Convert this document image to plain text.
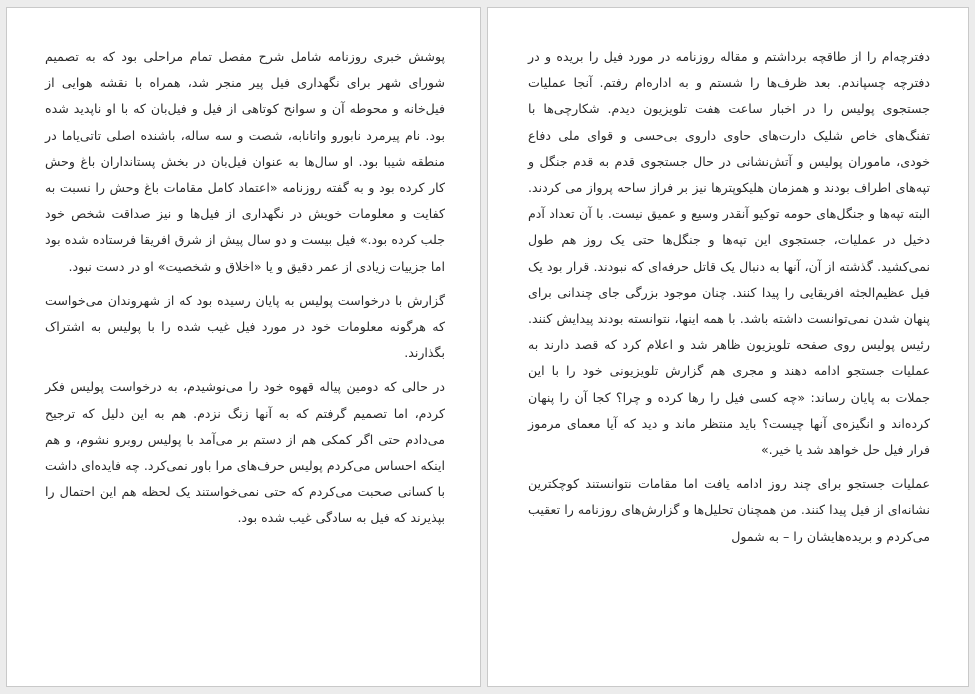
پوشش خبری روزنامه شامل شرح مفصل تمام مراحلی بود که به تصمیم شورای شهر برای نگهداری فیل پیر منجر شد، همراه با نقشه هوایی از فیل‌خانه و محوطه آن و سوانح کوتاهی از فیل و فیل‌بان که با او ناپدید شده بود. نام پیرمرد نابورو واتانابه، شصت و سه ساله، باشنده اصلی تاتی‌یاما در منطقه شیبا بود. او سال‌ها به عنوان فیل‌بان در بخش پستانداران باغ وحش کار کرده بود و به گفته روزنامه «اعتماد کامل مقامات باغ وحش را نسبت به کفایت و معلومات خویش در نگهداری از فیل‌ها و نیز صداقت شخص خود جلب کرده بود.» فیل بیست و دو سال پیش از شرق افریقا فرستاده شده بود اما جزییات زیادی از عمر دقیق و یا «اخلاق و شخصیت» او در دست نبود.

گزارش با درخواست پولیس به پایان رسیده بود که از شهروندان می‌خواست که هرگونه معلومات خود در مورد فیل غیب شده را با پولیس به اشتراک بگذارند.

در حالی که دومین پیاله قهوه خود را می‌نوشیدم، به درخواست پولیس فکر کردم، اما تصمیم گرفتم که به آنها زنگ نزدم. هم به این دلیل که ترجیح می‌دادم حتی اگر کمکی هم از دستم بر می‌آمد با پولیس روبرو نشوم، و هم اینکه احساس می‌کردم پولیس حرف‌های مرا باور نمی‌کرد. چه فایده‌ای داشت با کسانی صحبت می‌کردم که حتی نمی‌خواستند یک لحظه هم این احتمال را بپذیرند که فیل به سادگی غیب شده بود.

دفترچه‌ام را از طاقچه برداشتم و مقاله روزنامه در مورد فیل را بریده و در دفترچه چسپاندم. بعد ظرف‌ها را شستم و به اداره‌ام رفتم. آنجا عملیات جستجوی پولیس را در اخبار ساعت هفت تلویزیون دیدم. شکارچی‌ها با تفنگ‌های خاص شلیک دارت‌های حاوی داروی بی‌حسی و قوای ملی دفاع خودی، ماموران پولیس و آتش‌نشانی در حال جستجوی قدم به قدم جنگل و تپه‌های اطراف بودند و همزمان هلیکوپترها نیز بر فراز ساحه پرواز می کردند. البته تپه‌ها و جنگل‌های حومه توکیو آنقدر وسیع و عمیق نیست. با آن تعداد آدم دخیل در عملیات، جستجوی این تپه‌ها و جنگل‌ها حتی یک روز هم طول نمی‌کشید. گذشته از آن، آنها به دنبال یک قاتل حرفه‌ای که نبودند. قرار بود یک فیل عظیم‌الجثه افریقایی را پیدا کنند. چنان موجود بزرگی جای چندانی برای پنهان شدن نمی‌توانست داشته باشد. با همه اینها، نتوانسته بودند پیدایش کنند. رئیس پولیس روی صفحه تلویزیون ظاهر شد و اعلام کرد که قصد دارند به عملیات جستجو ادامه دهند و مجری هم گزارش تلویزیونی خود را با این جملات به پایان رساند: «چه کسی فیل را رها کرده و چرا؟ کجا آن را پنهان کرده‌اند و انگیزه‌ی آنها چیست؟ باید منتظر ماند و دید که آیا معمای مرموز فرار فیل حل خواهد شد یا خیر.»

عملیات جستجو برای چند روز ادامه یافت اما مقامات نتوانستند کوچکترین نشانه‌ای از فیل پیدا کنند. من همچنان تحلیل‌ها و گزارش‌های روزنامه را تعقیب می‌کردم و بریده‌هایشان را – به شمول
